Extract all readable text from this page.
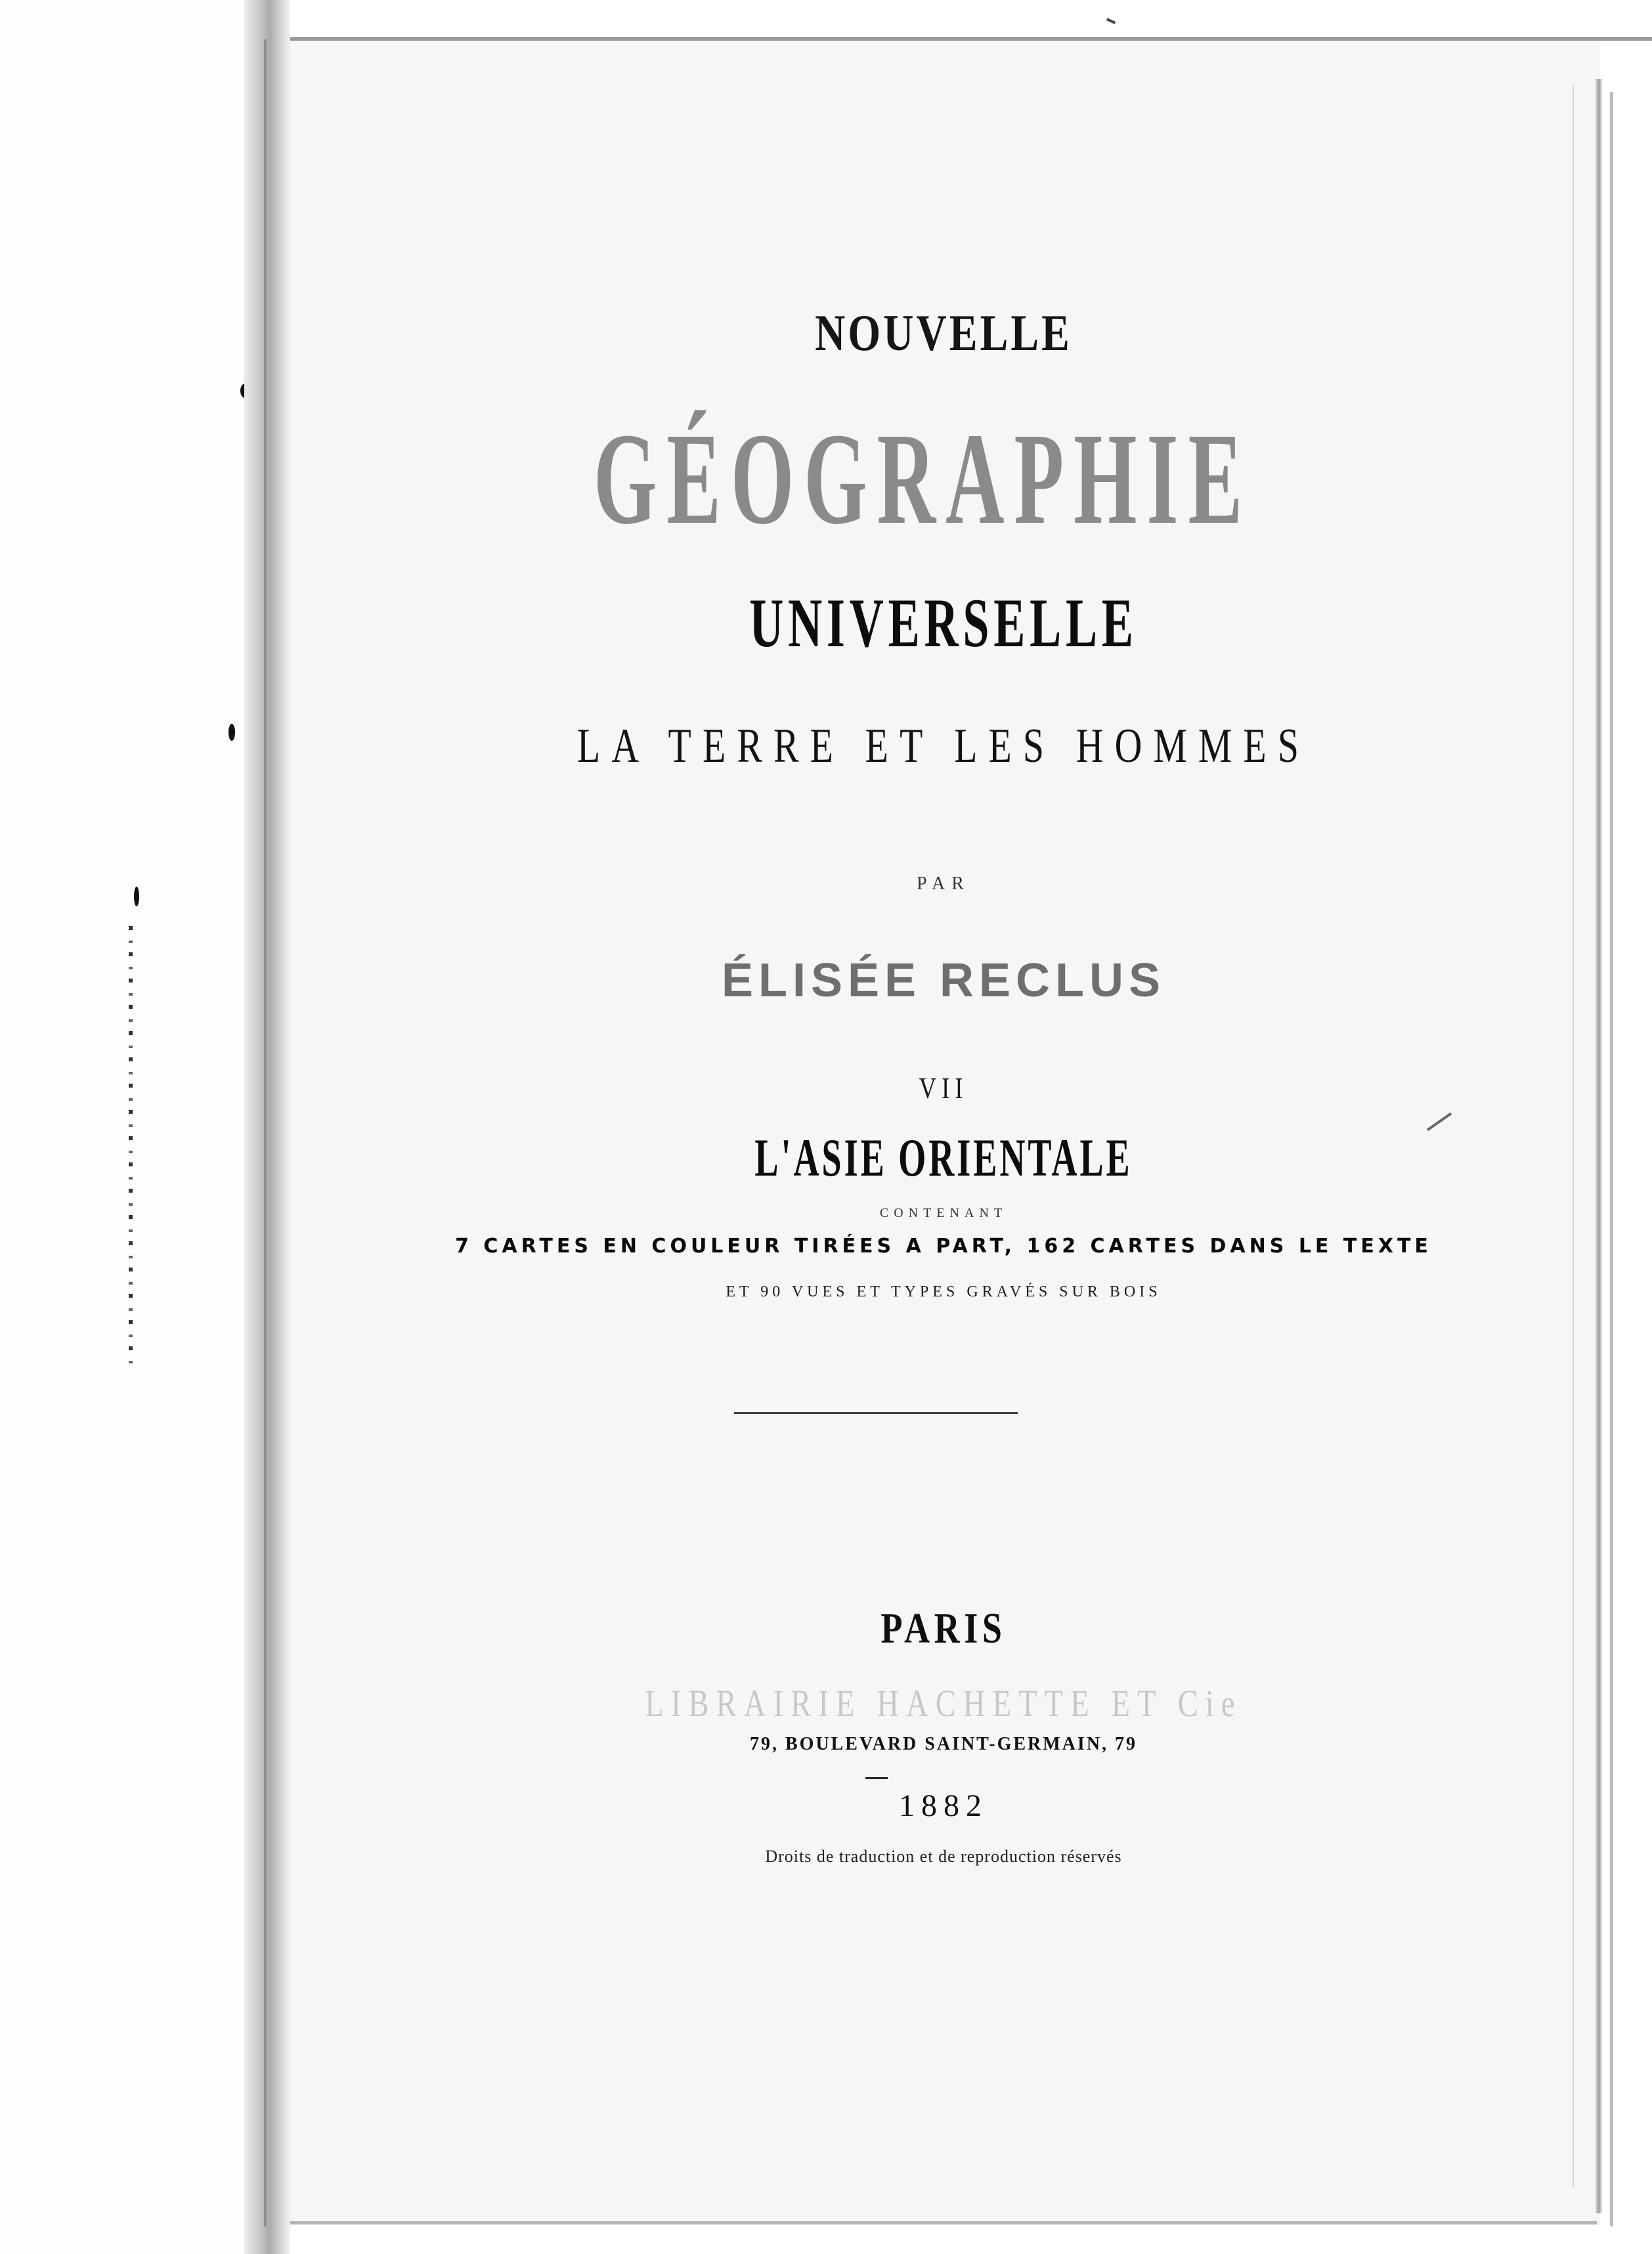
NOUVELLE
GÉOGRAPHIE
UNIVERSELLE
LA TERRE ET LES HOMMES
PAR
ÉLISÉE RECLUS
VII
L'ASIE ORIENTALE
CONTENANT
7 CARTES EN COULEUR TIRÉES A PART, 162 CARTES DANS LE TEXTE
ET 90 VUES ET TYPES GRAVÉS SUR BOIS
PARIS
LIBRAIRIE HACHETTE ET Cie
79, BOULEVARD SAINT-GERMAIN, 79
1882
Droits de traduction et de reproduction réservés
